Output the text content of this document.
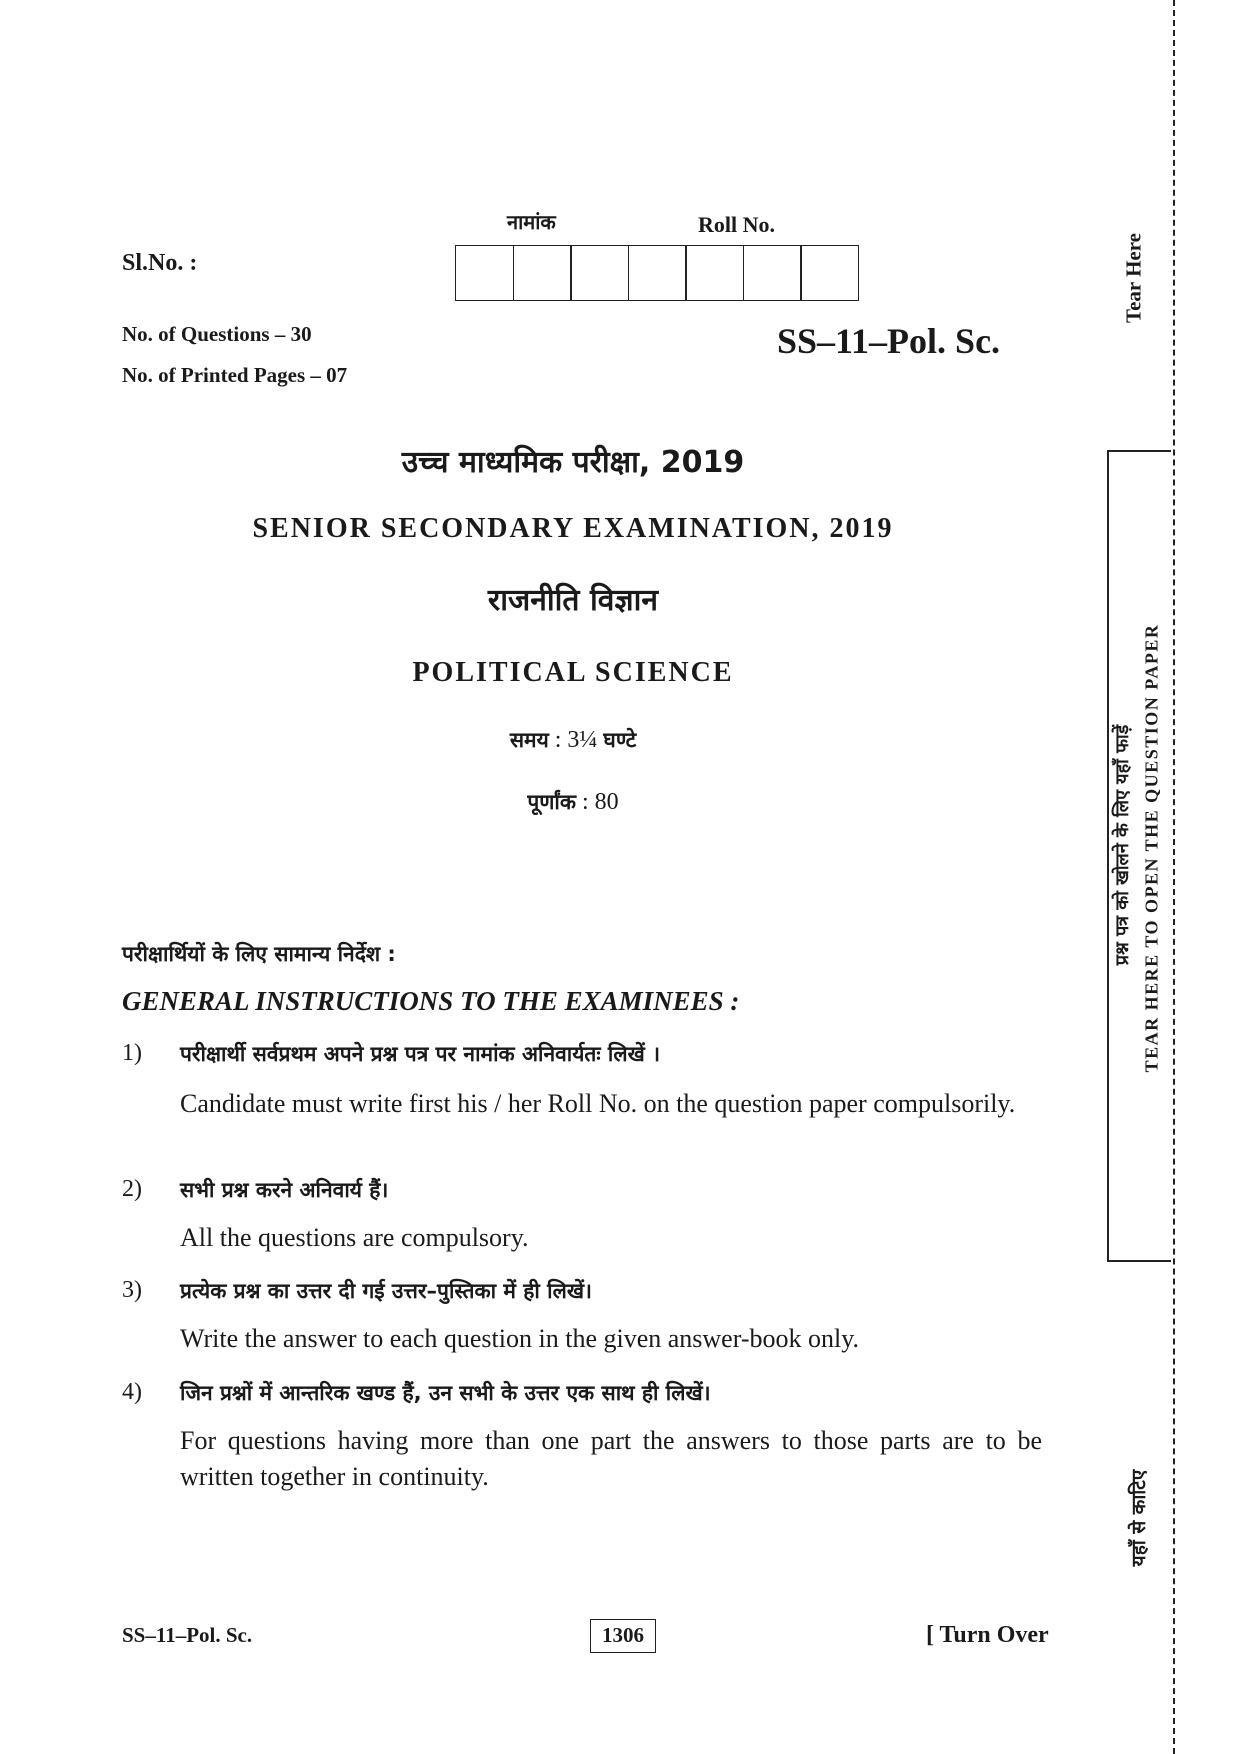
नामांक	Roll No.
Sl.No. :
No. of Questions – 30
No. of Printed Pages – 07
SS–11–Pol. Sc.
उच्च माध्यमिक परीक्षा, 2019
SENIOR SECONDARY EXAMINATION, 2019
राजनीति विज्ञान
POLITICAL SCIENCE
समय : 3¼ घण्टे
पूर्णांक : 80
परीक्षार्थियों के लिए सामान्य निर्देश :
GENERAL INSTRUCTIONS TO THE EXAMINEES :
1)	परीक्षार्थी सर्वप्रथम अपने प्रश्न पत्र पर नामांक अनिवार्यतः लिखें ।
Candidate must write first his / her Roll No. on the question paper compulsorily.
2)	सभी प्रश्न करने अनिवार्य हैं।
All the questions are compulsory.
3)	प्रत्येक प्रश्न का उत्तर दी गई उत्तर–पुस्तिका में ही लिखें।
Write the answer to each question in the given answer-book only.
4)	जिन प्रश्नों में आन्तरिक खण्ड हैं, उन सभी के उत्तर एक साथ ही लिखें।
For questions having more than one part the answers to those parts are to be written together in continuity.
SS–11–Pol. Sc.	1306	[ Turn Over
Tear Here
प्रश्न पत्र को खोलने के लिए यहाँ फाड़ें TEAR HERE TO OPEN THE QUESTION PAPER
यहाँ से काटिए
